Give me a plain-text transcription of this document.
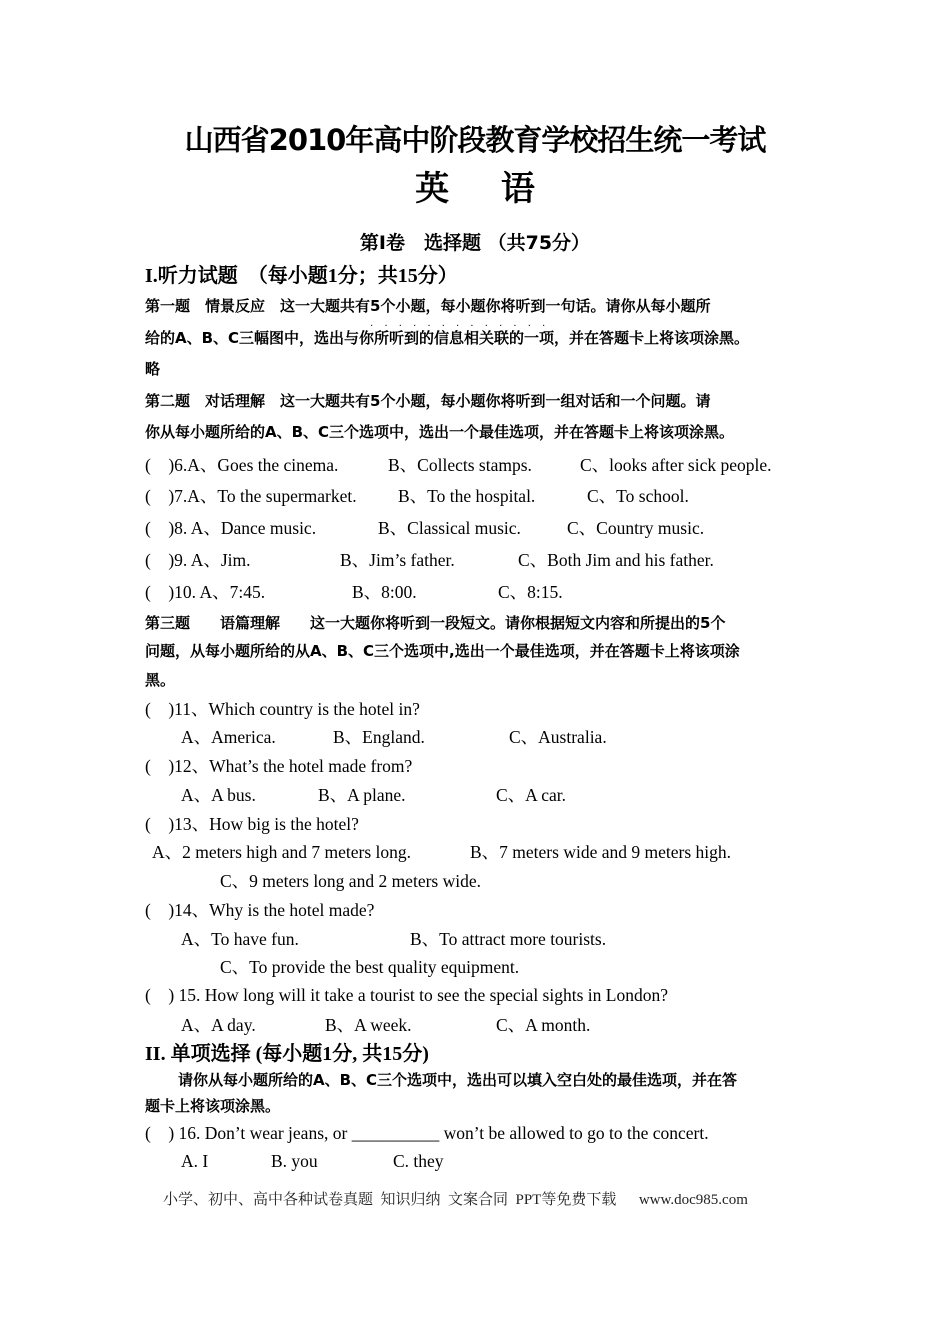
山西省2010年高中阶段教育学校招生统一考试
英 语
第Ⅰ卷　选择题 （共75分）
I.听力试题　（每小题1分；共15分）
第一题　情景反应　这一大题共有5个小题，每小题你将听到一句话。请你从每小题所
·············
给的A、B、C三幅图中，选出与你所听到的信息相关联的一项，并在答题卡上将该项涂黑。
略
第二题　对话理解　这一大题共有5个小题，每小题你将听到一组对话和一个问题。请
你从每小题所给的A、B、C三个选项中，选出一个最佳选项，并在答题卡上将该项涂黑。
(　)6.A、Goes the cinema.	B、Collects stamps.	C、looks after sick people.
(　)7.A、To the supermarket. B、To the hospital.	C、To school.
(　)8. A、Dance music.	B、Classical music.	C、Country music.
(　)9. A、Jim.	B、Jim’s father.	C、Both Jim and his father.
(　)10. A、7:45.	B、8:00.	C、8:15.
第三题　　语篇理解　　这一大题你将听到一段短文。请你根据短文内容和所提出的5个
问题，从每小题所给的从A、B、C三个选项中,选出一个最佳选项，并在答题卡上将该项涂
黑。
(　)11、Which country is the hotel in?
A、America.	B、England.	C、Australia.
(　)12、What’s the hotel made from?
A、A bus.	B、A plane.	C、A car.
(　)13、How big is the hotel?
A、2 meters high and 7 meters long.	B、7 meters wide and 9 meters high.
C、9 meters long and 2 meters wide.
(　)14、Why is the hotel made?
A、To have fun.	B、To attract more tourists.
C、To provide the best quality equipment.
(　) 15. How long will it take a tourist to see the special sights in London?
A、A day.	B、A week.	C、A month.
II. 单项选择 (每小题1分, 共15分)
请你从每小题所给的A、B、C三个选项中，选出可以填入空白处的最佳选项，并在答
题卡上将该项涂黑。
(　) 16. Don’t wear jeans, or __________ won’t be allowed to go to the concert.
A. I	B. you	C. they
小学、初中、高中各种试卷真题  知识归纳  文案合同  PPT等免费下载      www.doc985.com
